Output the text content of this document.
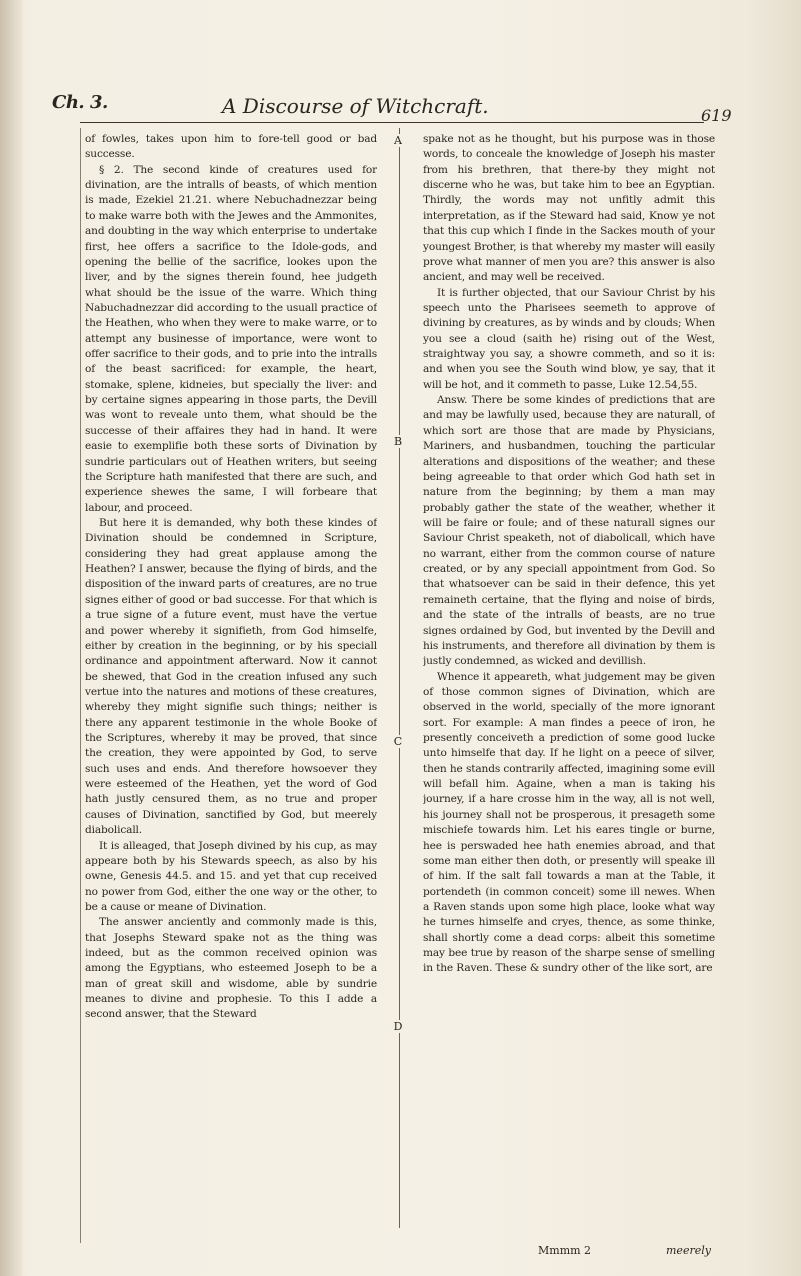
Ch. 3.	A Discourse of Witchcraft.	619
A
B
C
D

of fowles, takes upon him to fore-tell good or bad successe.

§ 2. The second kinde of creatures used for divination, are the intralls of beasts, of which mention is made, Ezekiel 21.21. where Nebuchadnezzar being to make warre both with the Jewes and the Ammonites, and doubting in the way which enterprise to undertake first, hee offers a sacrifice to the Idole-gods, and opening the bellie of the sacrifice, lookes upon the liver, and by the signes therein found, hee judgeth what should be the issue of the warre. Which thing Nabuchadnezzar did according to the usuall practice of the Heathen, who when they were to make warre, or to attempt any businesse of importance, were wont to offer sacrifice to their gods, and to prie into the intralls of the beast sacrificed: for example, the heart, stomake, splene, kidneies, but specially the liver: and by certaine signes appearing in those parts, the Devill was wont to reveale unto them, what should be the successe of their affaires they had in hand. It were easie to exemplifie both these sorts of Divination by sundrie particulars out of Heathen writers, but seeing the Scripture hath manifested that there are such, and experience shewes the same, I will forbeare that labour, and proceed.

But here it is demanded, why both these kindes of Divination should be condemned in Scripture, considering they had great applause among the Heathen? I answer, because the flying of birds, and the disposition of the inward parts of creatures, are no true signes either of good or bad successe. For that which is a true signe of a future event, must have the vertue and power whereby it signifieth, from God himselfe, either by creation in the beginning, or by his speciall ordinance and appointment afterward. Now it cannot be shewed, that God in the creation infused any such vertue into the natures and motions of these creatures, whereby they might signifie such things; neither is there any apparent testimonie in the whole Booke of the Scriptures, whereby it may be proved, that since the creation, they were appointed by God, to serve such uses and ends. And therefore howsoever they were esteemed of the Heathen, yet the word of God hath justly censured them, as no true and proper causes of Divination, sanctified by God, but meerely diabolicall.

It is alleaged, that Joseph divined by his cup, as may appeare both by his Stewards speech, as also by his owne, Genesis 44.5. and 15. and yet that cup received no power from God, either the one way or the other, to be a cause or meane of Divination.

The answer anciently and commonly made is this, that Josephs Steward spake not as the thing was indeed, but as the common received opinion was among the Egyptians, who esteemed Joseph to be a man of great skill and wisdome, able by sundrie meanes to divine and prophesie. To this I adde a second answer, that the Steward

spake not as he thought, but his purpose was in those words, to conceale the knowledge of Joseph his master from his brethren, that there-by they might not discerne who he was, but take him to bee an Egyptian. Thirdly, the words may not unfitly admit this interpretation, as if the Steward had said, Know ye not that this cup which I finde in the Sackes mouth of your youngest Brother, is that whereby my master will easily prove what manner of men you are? this answer is also ancient, and may well be received.

It is further objected, that our Saviour Christ by his speech unto the Pharisees seemeth to approve of divining by creatures, as by winds and by clouds; When you see a cloud (saith he) rising out of the West, straightway you say, a showre commeth, and so it is: and when you see the South wind blow, ye say, that it will be hot, and it commeth to passe, Luke 12.54,55.

Answ. There be some kindes of predictions that are and may be lawfully used, because they are naturall, of which sort are those that are made by Physicians, Mariners, and husbandmen, touching the particular alterations and dispositions of the weather; and these being agreeable to that order which God hath set in nature from the beginning; by them a man may probably gather the state of the weather, whether it will be faire or foule; and of these naturall signes our Saviour Christ speaketh, not of diabolicall, which have no warrant, either from the common course of nature created, or by any speciall appointment from God. So that whatsoever can be said in their defence, this yet remaineth certaine, that the flying and noise of birds, and the state of the intralls of beasts, are no true signes ordained by God, but invented by the Devill and his instruments, and therefore all divination by them is justly condemned, as wicked and devillish.

Whence it appeareth, what judgement may be given of those common signes of Divination, which are observed in the world, specially of the more ignorant sort. For example: A man findes a peece of iron, he presently conceiveth a prediction of some good lucke unto himselfe that day. If he light on a peece of silver, then he stands contrarily affected, imagining some evill will befall him. Againe, when a man is taking his journey, if a hare crosse him in the way, all is not well, his journey shall not be prosperous, it presageth some mischiefe towards him. Let his eares tingle or burne, hee is perswaded hee hath enemies abroad, and that some man either then doth, or presently will speake ill of him. If the salt fall towards a man at the Table, it portendeth (in common conceit) some ill newes. When a Raven stands upon some high place, looke what way he turnes himselfe and cryes, thence, as some thinke, shall shortly come a dead corps: albeit this sometime may bee true by reason of the sharpe sense of smelling in the Raven. These & sundry other of the like sort, are

Mmmm 2	meerely
